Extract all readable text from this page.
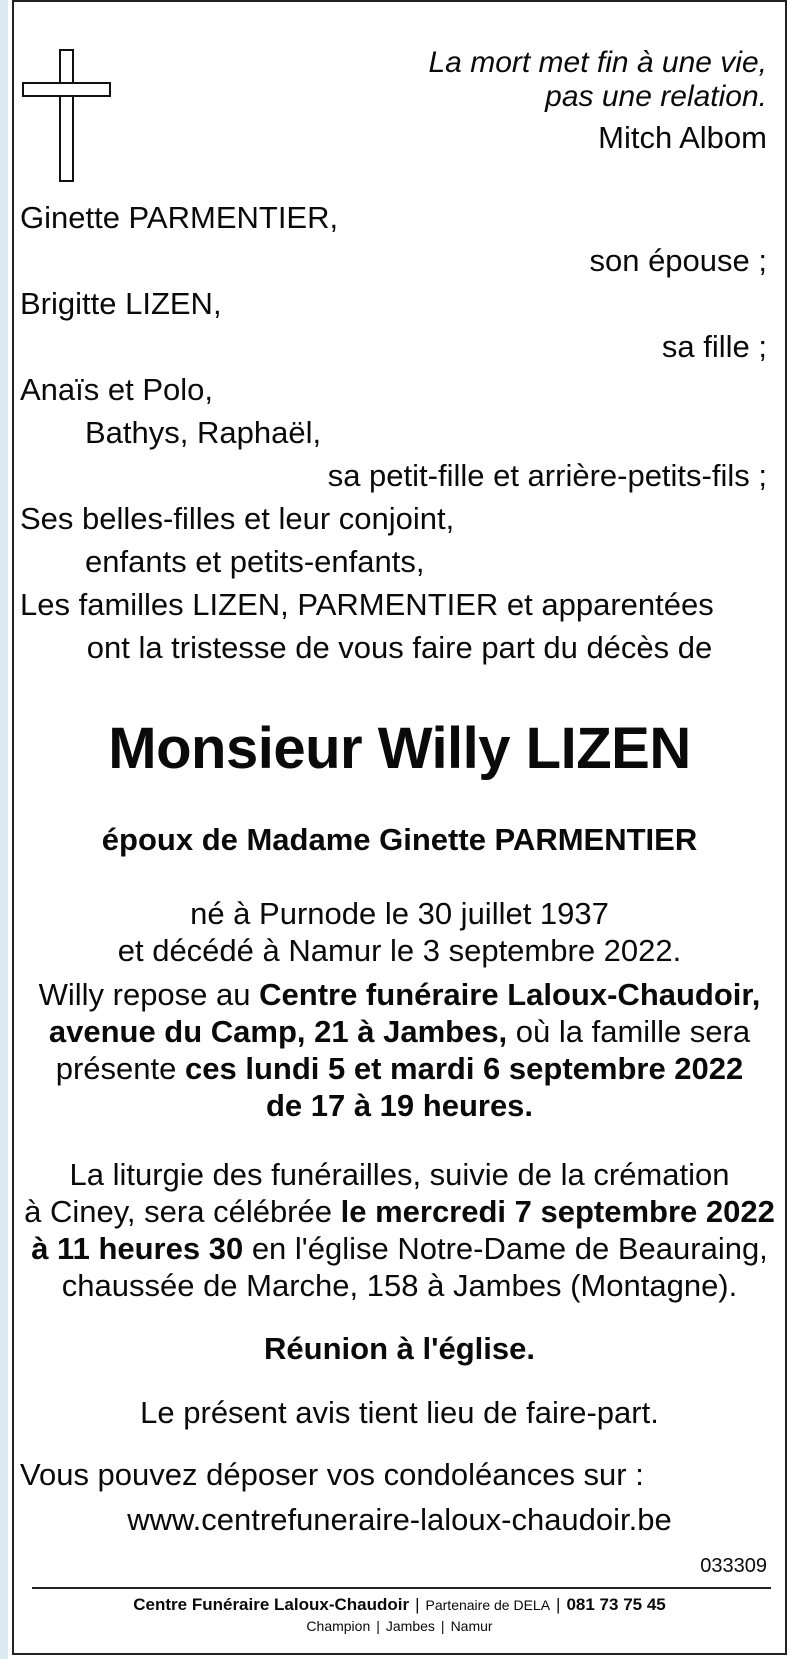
La mort met fin à une vie,
pas une relation.
Mitch Albom
Ginette PARMENTIER,
son épouse ;
Brigitte LIZEN,
sa fille ;
Anaïs et Polo,
Bathys, Raphaël,
sa petit-fille et arrière-petits-fils ;
Ses belles-filles et leur conjoint,
enfants et petits-enfants,
Les familles LIZEN, PARMENTIER et apparentées
ont la tristesse de vous faire part du décès de
Monsieur Willy LIZEN
époux de Madame Ginette PARMENTIER
né à Purnode le 30 juillet 1937
et décédé à Namur le 3 septembre 2022.
Willy repose au Centre funéraire Laloux-Chaudoir,
avenue du Camp, 21 à Jambes, où la famille sera
présente ces lundi 5 et mardi 6 septembre 2022
de 17 à 19 heures.
La liturgie des funérailles, suivie de la crémation
à Ciney, sera célébrée le mercredi 7 septembre 2022
à 11 heures 30 en l'église Notre-Dame de Beauraing,
chaussée de Marche, 158 à Jambes (Montagne).
Réunion à l'église.
Le présent avis tient lieu de faire-part.
Vous pouvez déposer vos condoléances sur :
www.centrefuneraire-laloux-chaudoir.be
033309
Centre Funéraire Laloux-Chaudoir | Partenaire de DELA | 081 73 75 45
Champion | Jambes | Namur
